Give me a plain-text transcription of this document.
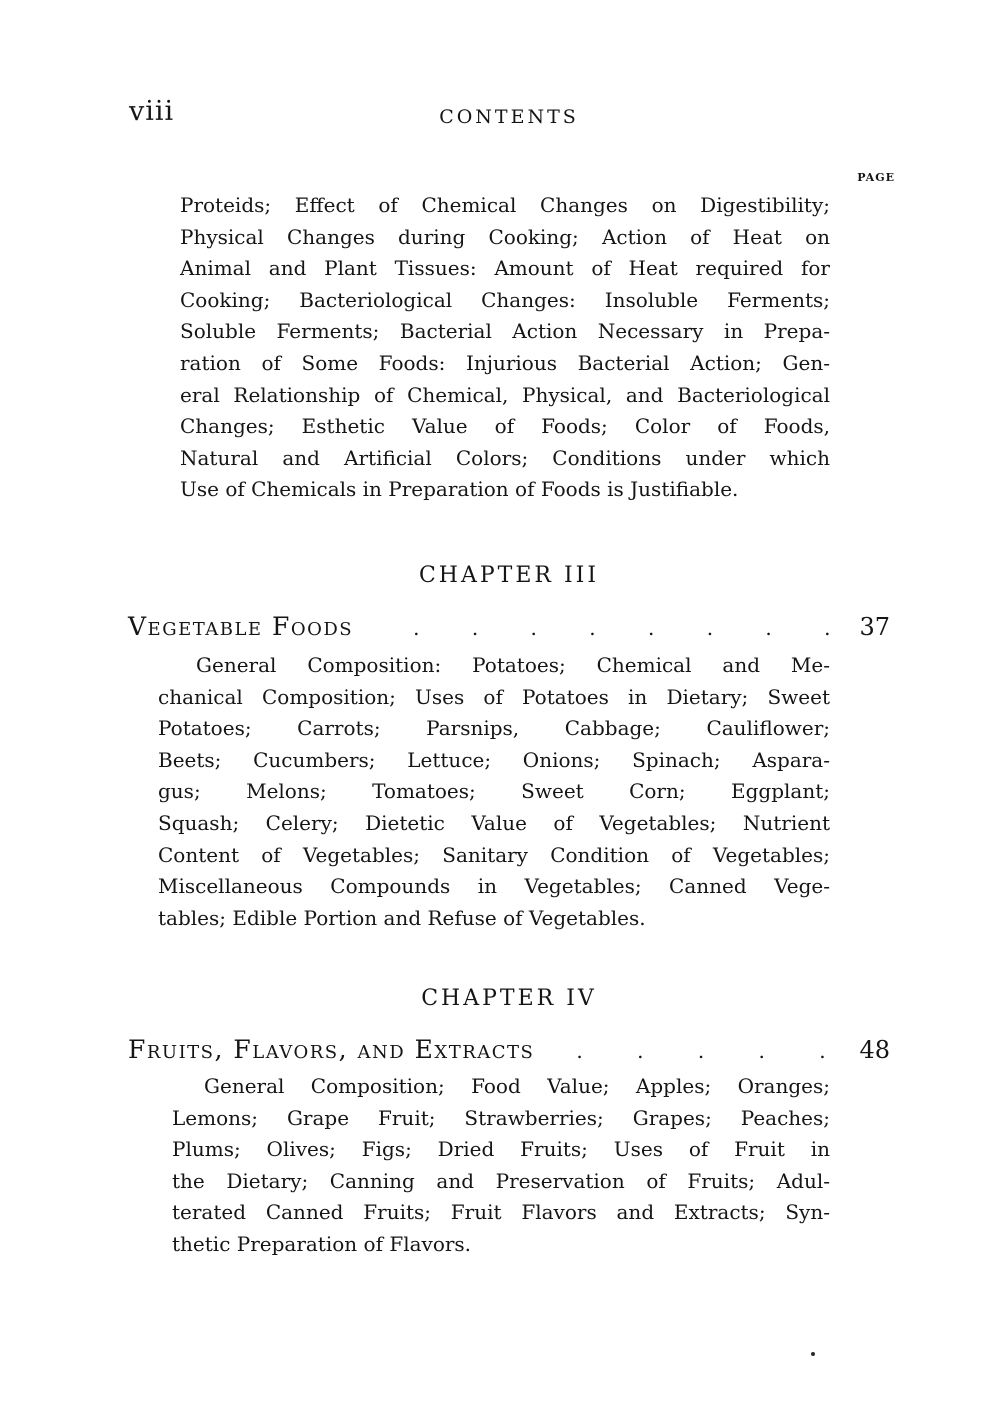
viii	CONTENTS
PAGE
Proteids; Effect of Chemical Changes on Digestibility;
Physical Changes during Cooking; Action of Heat on
Animal and Plant Tissues: Amount of Heat required for
Cooking; Bacteriological Changes: Insoluble Ferments;
Soluble Ferments; Bacterial Action Necessary in Prepa-
ration of Some Foods: Injurious Bacterial Action; Gen-
eral Relationship of Chemical, Physical, and Bacteriological
Changes; Esthetic Value of Foods; Color of Foods,
Natural and Artificial Colors; Conditions under which
Use of Chemicals in Preparation of Foods is Justifiable.
CHAPTER III
Vegetable Foods	. . . . . . . . 37
General Composition: Potatoes; Chemical and Me-
chanical Composition; Uses of Potatoes in Dietary; Sweet
Potatoes; Carrots; Parsnips, Cabbage; Cauliflower;
Beets; Cucumbers; Lettuce; Onions; Spinach; Aspara-
gus; Melons; Tomatoes; Sweet Corn; Eggplant;
Squash; Celery; Dietetic Value of Vegetables; Nutrient
Content of Vegetables; Sanitary Condition of Vegetables;
Miscellaneous Compounds in Vegetables; Canned Vege-
tables; Edible Portion and Refuse of Vegetables.
CHAPTER IV
Fruits, Flavors, and Extracts . . . . . 48
General Composition; Food Value; Apples; Oranges;
Lemons; Grape Fruit; Strawberries; Grapes; Peaches;
Plums; Olives; Figs; Dried Fruits; Uses of Fruit in
the Dietary; Canning and Preservation of Fruits; Adul-
terated Canned Fruits; Fruit Flavors and Extracts; Syn-
thetic Preparation of Flavors.
